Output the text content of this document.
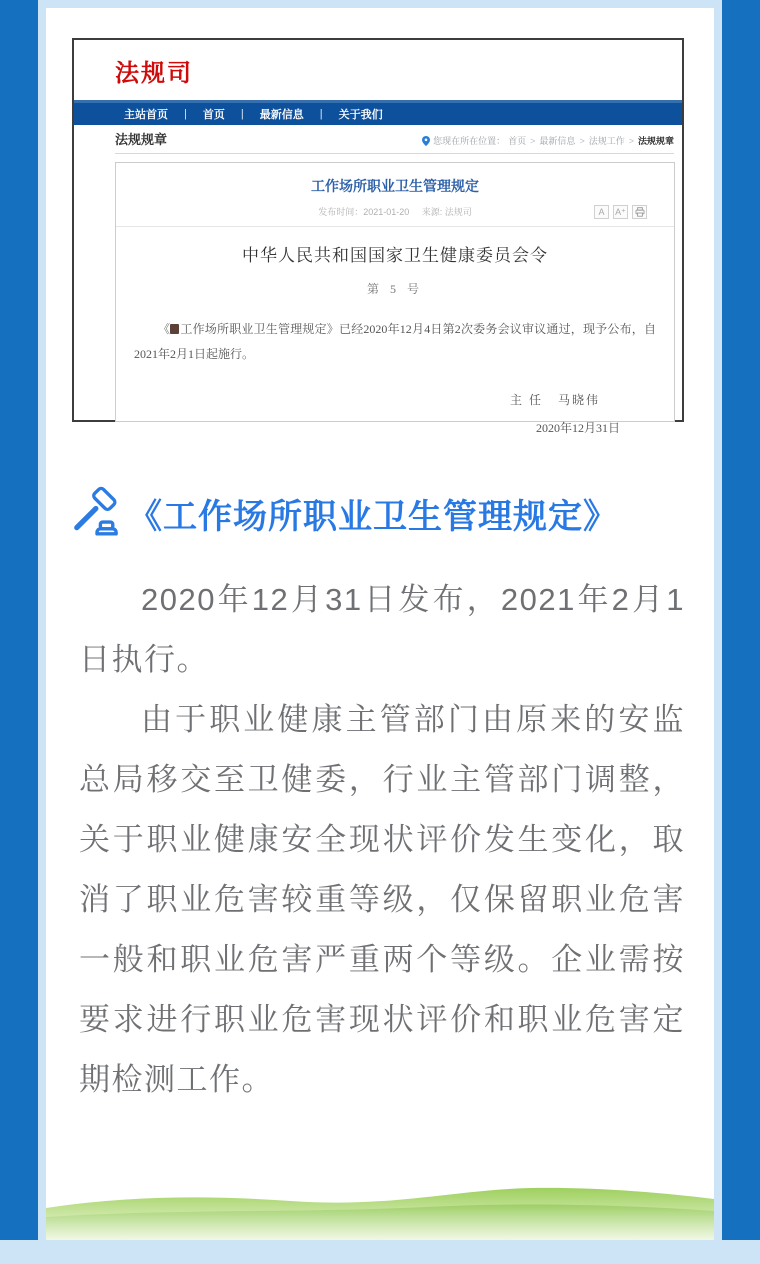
法规司
主站首页 | 首页 | 最新信息 | 关于我们
法规规章	您现在所在位置： 首页 > 最新信息 > 法规工作 > 法规规章
工作场所职业卫生管理规定
发布时间：2021-01-20 来源: 法规司	A	A⁺
中华人民共和国国家卫生健康委员会令
第 5 号

《 工作场所职业卫生管理规定》已经2020年12月4日第2次委务会议审议通过，现予公布，自2021年2月1日起施行。

主 任 马晓伟
2020年12月31日
《工作场所职业卫生管理规定》

2020年12月31日发布，2021年2月1日执行。

由于职业健康主管部门由原来的安监总局移交至卫健委，行业主管部门调整，关于职业健康安全现状评价发生变化，取消了职业危害较重等级，仅保留职业危害一般和职业危害严重两个等级。企业需按要求进行职业危害现状评价和职业危害定期检测工作。
